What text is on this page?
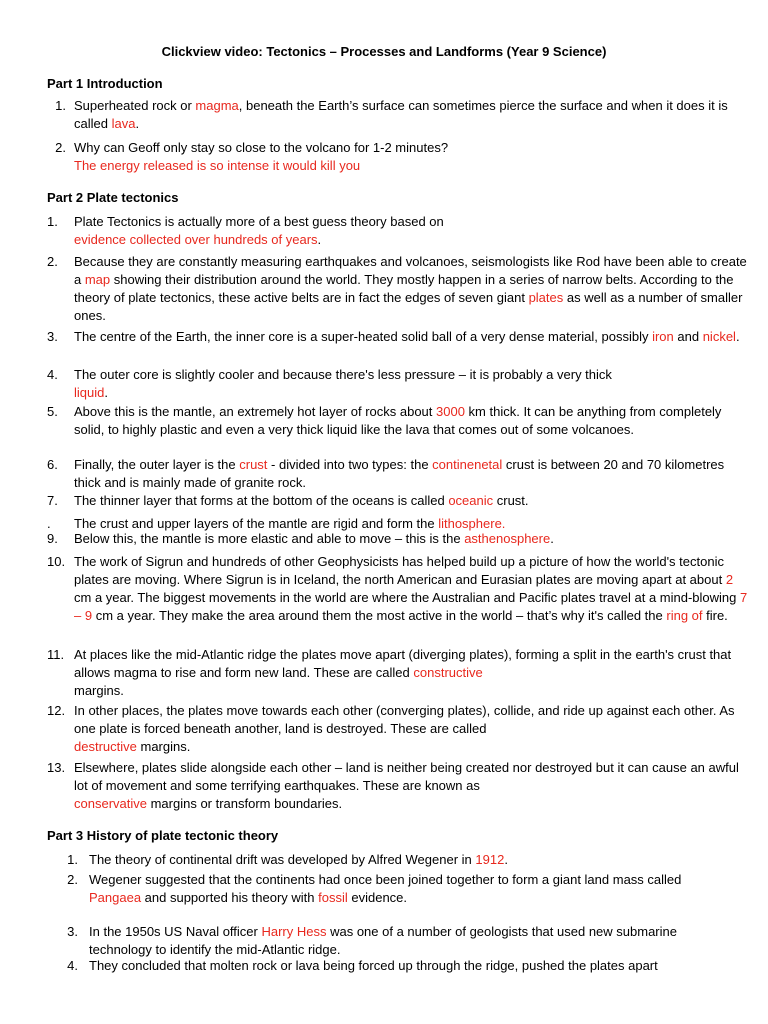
Clickview video: Tectonics – Processes and Landforms (Year 9 Science)
Part 1 Introduction
1. Superheated rock or magma, beneath the Earth’s surface can sometimes pierce the surface and when it does it is called lava.
2. Why can Geoff only stay so close to the volcano for 1-2 minutes?
The energy released is so intense it would kill you
Part 2 Plate tectonics
1. Plate Tectonics is actually more of a best guess theory based on
evidence collected over hundreds of years.
2. Because they are constantly measuring earthquakes and volcanoes, seismologists like Rod have been able to create a map showing their distribution around the world. They mostly happen in a series of narrow belts. According to the theory of plate tectonics, these active belts are in fact the edges of seven giant plates as well as a number of smaller ones.
3. The centre of the Earth, the inner core is a super-heated solid ball of a very dense material, possibly iron and nickel.
4. The outer core is slightly cooler and because there's less pressure – it is probably a very thick
liquid.
5. Above this is the mantle, an extremely hot layer of rocks about 3000 km thick. It can be anything from completely solid, to highly plastic and even a very thick liquid like the lava that comes out of some volcanoes.
6. Finally, the outer layer is the crust - divided into two types: the continenetal crust is between 20 and 70 kilometres thick and is mainly made of granite rock.
7. The thinner layer that forms at the bottom of the oceans is called oceanic crust.
.	The crust and upper layers of the mantle are rigid and form the lithosphere.
9. Below this, the mantle is more elastic and able to move – this is the asthenosphere.
10. The work of Sigrun and hundreds of other Geophysicists has helped build up a picture of how the world's tectonic plates are moving. Where Sigrun is in Iceland, the north American and Eurasian plates are moving apart at about 2 cm a year. The biggest movements in the world are where the Australian and Pacific plates travel at a mind-blowing 7 – 9 cm a year. They make the area around them the most active in the world – that’s why it's called the ring of fire.
11. At places like the mid-Atlantic ridge the plates move apart (diverging plates), forming a split in the earth's crust that allows magma to rise and form new land. These are called constructive
margins.
12. In other places, the plates move towards each other (converging plates), collide, and ride up against each other. As one plate is forced beneath another, land is destroyed. These are called
destructive margins.
13. Elsewhere, plates slide alongside each other – land is neither being created nor destroyed but it can cause an awful lot of movement and some terrifying earthquakes. These are known as
conservative margins or transform boundaries.
Part 3 History of plate tectonic theory
1. The theory of continental drift was developed by Alfred Wegener in 1912.
2. Wegener suggested that the continents had once been joined together to form a giant land mass called Pangaea and supported his theory with fossil evidence.
3. In the 1950s US Naval officer Harry Hess was one of a number of geologists that used new submarine technology to identify the mid-Atlantic ridge.
4. They concluded that molten rock or lava being forced up through the ridge, pushed the plates apart
